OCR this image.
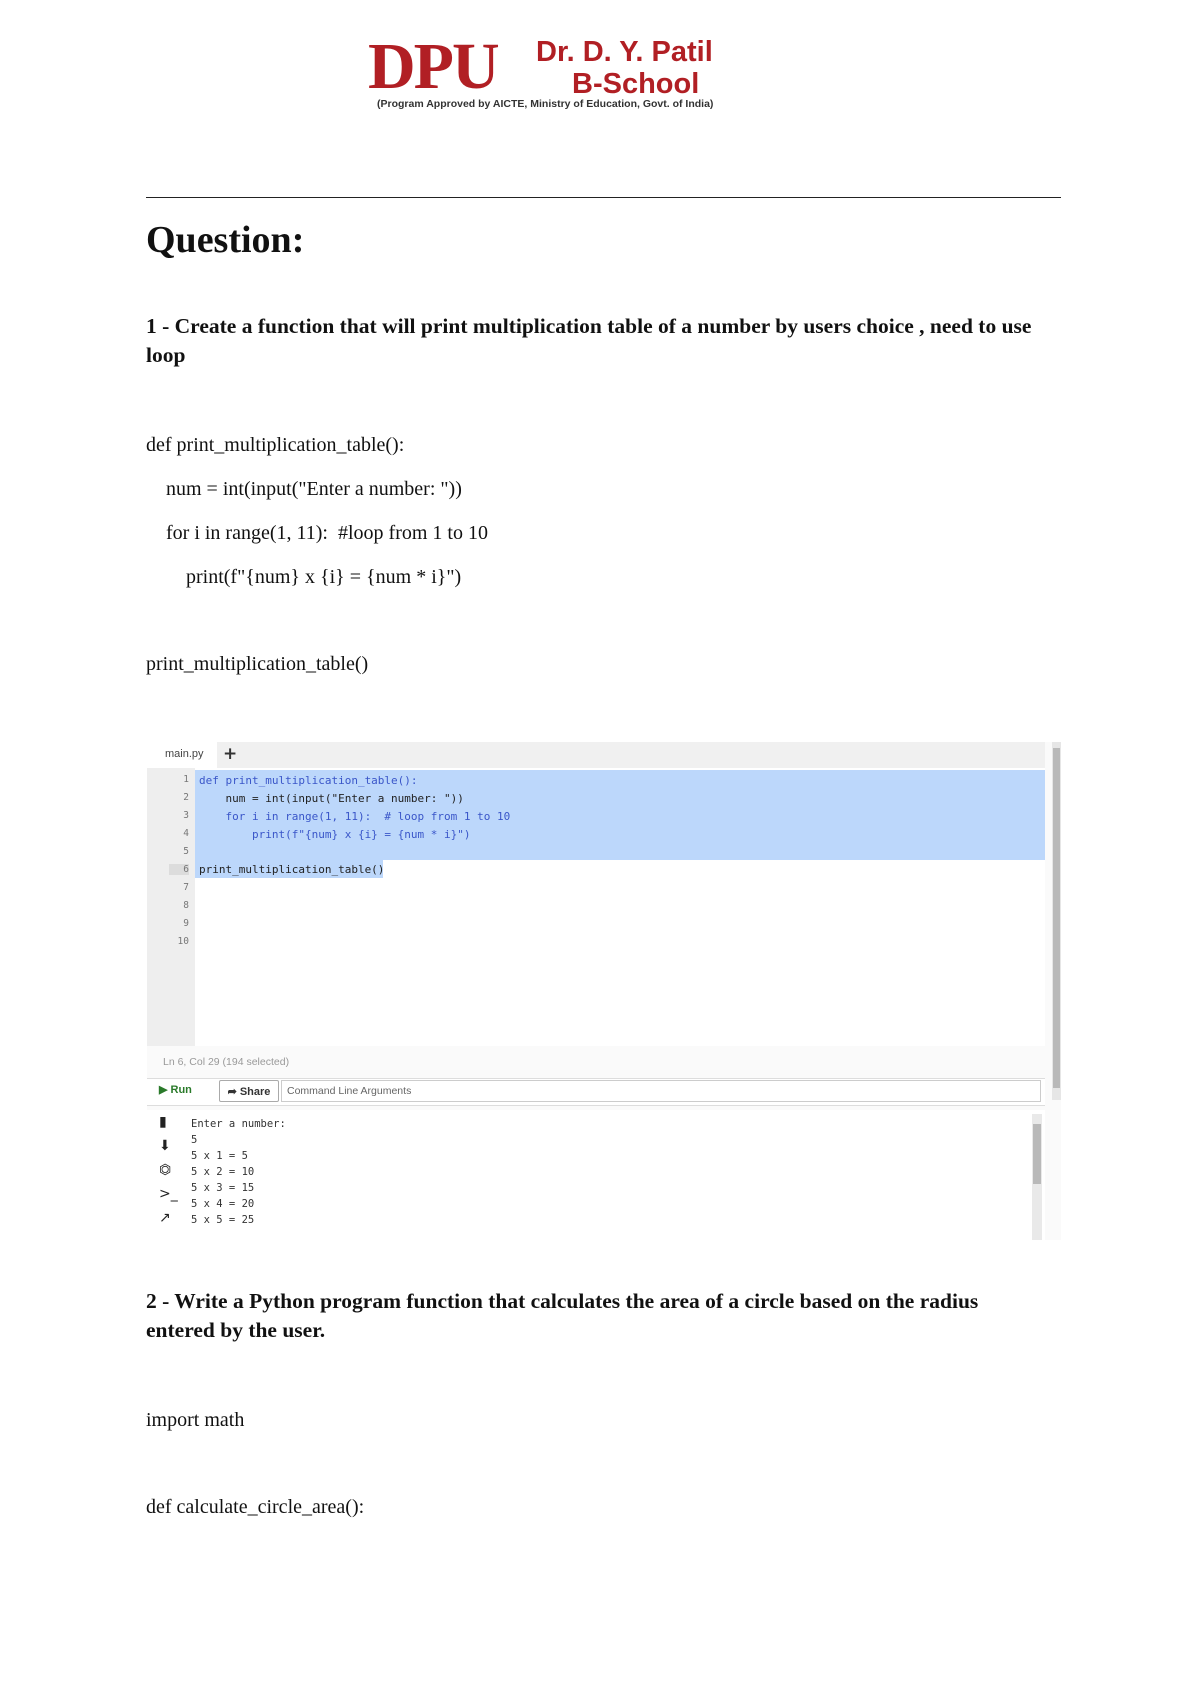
DPU Dr. D. Y. Patil
B-School
(Program Approved by AICTE, Ministry of Education, Govt. of India)
Question:
1 - Create a function that will print multiplication table of a number by users choice , need to use loop
def print_multiplication_table():
num = int(input("Enter a number: "))
for i in range(1, 11):  #loop from 1 to 10
print(f"{num} x {i} = {num * i}")
print_multiplication_table()
main.py	+
1
2
3
4
5
6
7
8
9
10
def print_multiplication_table():
num = int(input("Enter a number: "))
for i in range(1, 11):  # loop from 1 to 10
print(f"{num} x {i} = {num * i}")
print_multiplication_table()
Ln 6, Col 29 (194 selected)
▶ Run	➦ Share	Command Line Arguments
▮
⬇
⏣
>_
↗
Enter a number:
5
5 x 1 = 5
5 x 2 = 10
5 x 3 = 15
5 x 4 = 20
5 x 5 = 25
2 - Write a Python program function that calculates the area of a circle based on the radius entered by the user.
import math
def calculate_circle_area():
